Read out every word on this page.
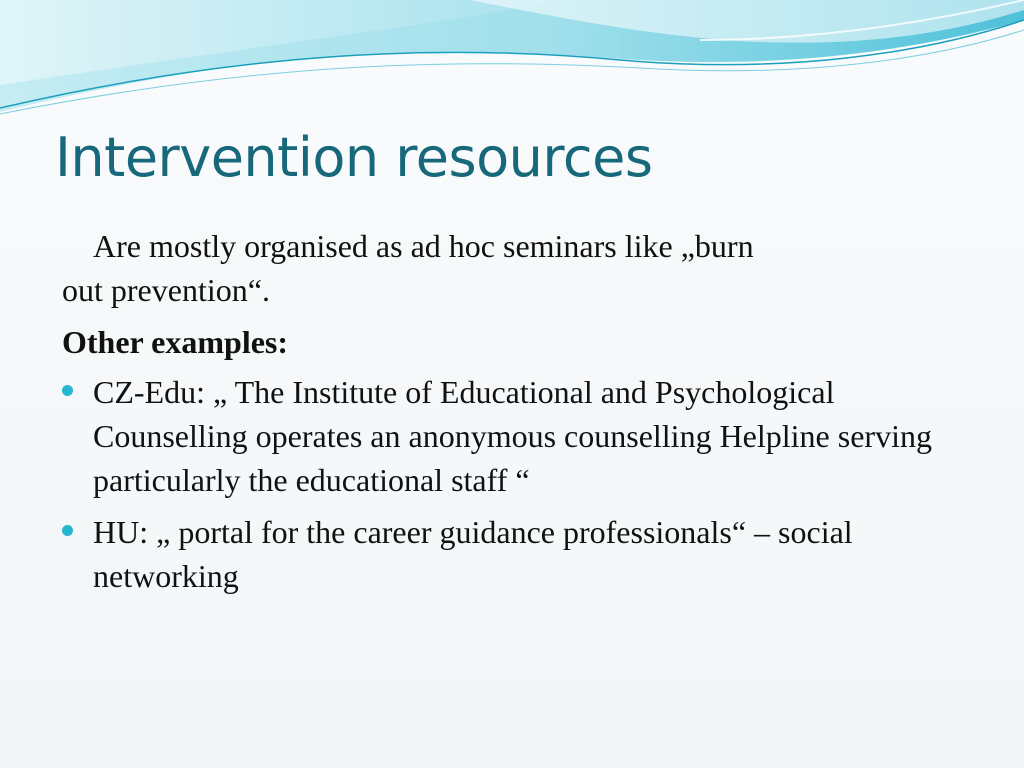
Intervention resources

Are mostly organised as ad hoc seminars like „burn

out prevention“.

Other examples:

CZ-Edu: „ The Institute of Educational and Psychological Counselling operates an anonymous counselling Helpline serving particularly the educational staff “
HU: „ portal for the career guidance professionals“ – social networking
